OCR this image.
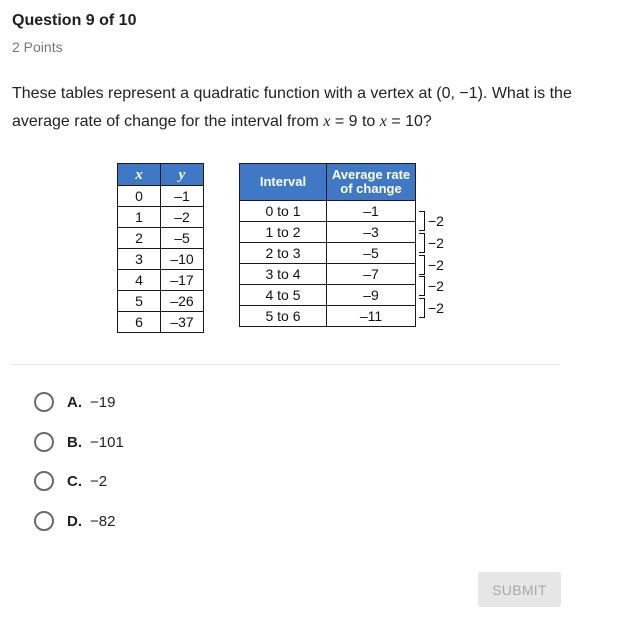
Question 9 of 10
2 Points
These tables represent a quadratic function with a vertex at (0, −1). What is the average rate of change for the interval from x = 9 to x = 10?
x	y
0	–1
1	–2
2	–5
3	–10
4	–17
5	–26
6	–37
Interval	Average rate of change
0 to 1	–1
1 to 2	–3
2 to 3	–5
3 to 4	–7
4 to 5	–9
5 to 6	–11
−2
−2
−2
−2
−2
A. −19
B. −101
C. −2
D. −82
SUBMIT
